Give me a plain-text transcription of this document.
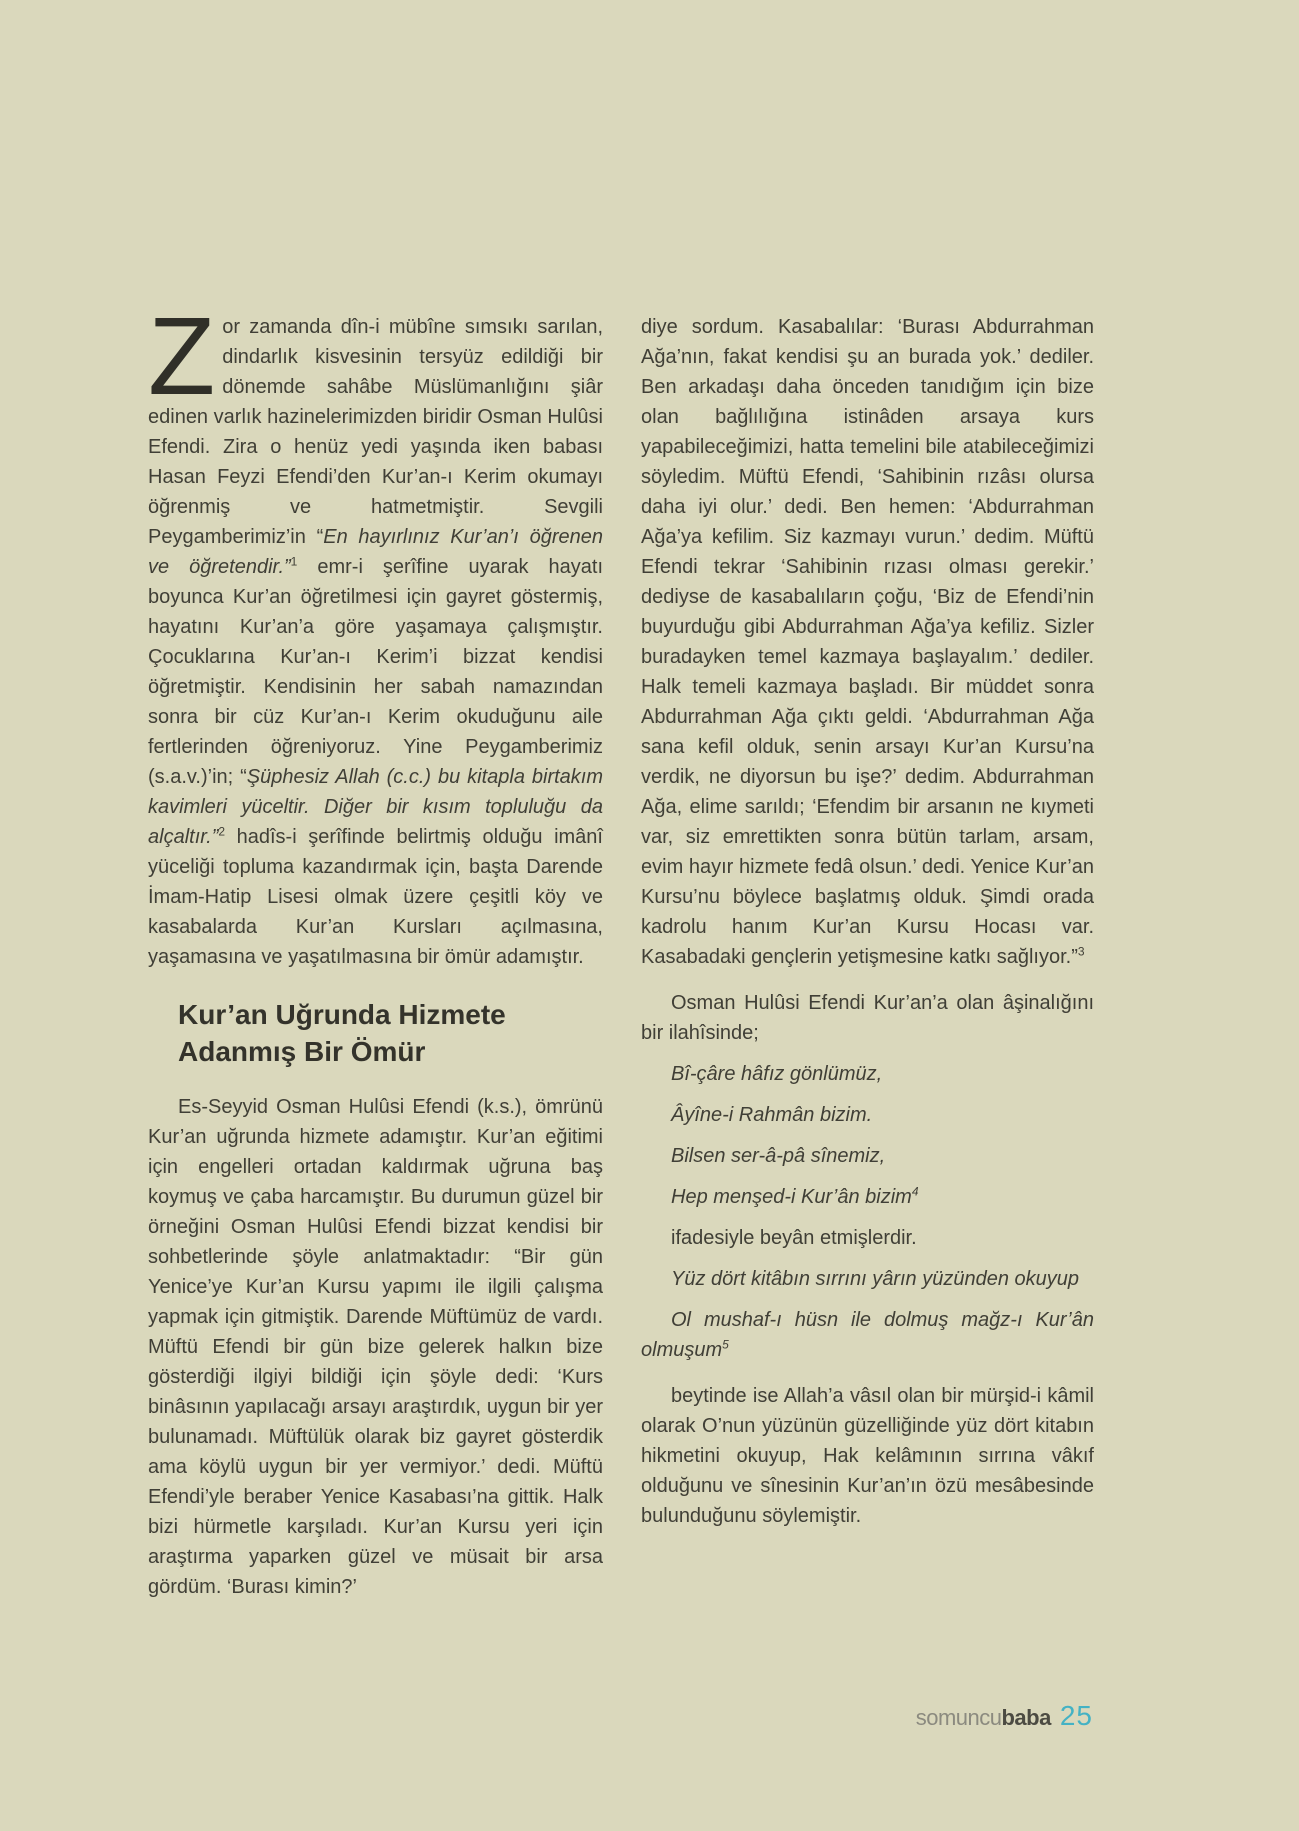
Zor zamanda dîn-i mübîne sımsıkı sarılan, dindarlık kisvesinin tersyüz edildiği bir dönemde sahâbe Müslümanlığını şiâr edinen varlık hazinelerimizden biridir Osman Hulûsi Efendi. Zira o henüz yedi yaşında iken babası Hasan Feyzi Efendi’den Kur’an-ı Kerim okumayı öğrenmiş ve hatmetmiştir. Sevgili Peygamberimiz’in “En hayırlınız Kur’an’ı öğrenen ve öğretendir.”$^1$ emr-i şerîfine uyarak hayatı boyunca Kur’an öğretilmesi için gayret göstermiş, hayatını Kur’an’a göre yaşamaya çalışmıştır. Çocuklarına Kur’an-ı Kerim’i bizzat kendisi öğretmiştir. Kendisinin her sabah namazından sonra bir cüz Kur’an-ı Kerim okuduğunu aile fertlerinden öğreniyoruz. Yine Peygamberimiz (s.a.v.)’in; “Şüphesiz Allah (c.c.) bu kitapla birtakım kavimleri yüceltir. Diğer bir kısım topluluğu da alçaltır.”$^2$ hadîs-i şerîfinde belirtmiş olduğu imânî yüceliği topluma kazandırmak için, başta Darende İmam-Hatip Lisesi olmak üzere çeşitli köy ve kasabalarda Kur’an Kursları açılmasına, yaşamasına ve yaşatılmasına bir ömür adamıştır.

Kur’an Uğrunda Hizmete Adanmış Bir Ömür

Es-Seyyid Osman Hulûsi Efendi (k.s.), ömrünü Kur’an uğrunda hizmete adamıştır. Kur’an eğitimi için engelleri ortadan kaldırmak uğruna baş koymuş ve çaba harcamıştır. Bu durumun güzel bir örneğini Osman Hulûsi Efendi bizzat kendisi bir sohbetlerinde şöyle anlatmaktadır: “Bir gün Yenice’ye Kur’an Kursu yapımı ile ilgili çalışma yapmak için gitmiştik. Darende Müftümüz de vardı. Müftü Efendi bir gün bize gelerek halkın bize gösterdiği ilgiyi bildiği için şöyle dedi: ‘Kurs binâsının yapılacağı arsayı araştırdık, uygun bir yer bulunamadı. Müftülük olarak biz gayret gösterdik ama köylü uygun bir yer vermiyor.’ dedi. Müftü Efendi’yle beraber Yenice Kasabası’na gittik. Halk bizi hürmetle karşıladı. Kur’an Kursu yeri için araştırma yaparken güzel ve müsait bir arsa gördüm. ‘Burası kimin?’

diye sordum. Kasabalılar: ‘Burası Abdurrahman Ağa’nın, fakat kendisi şu an burada yok.’ dediler. Ben arkadaşı daha önceden tanıdığım için bize olan bağlılığına istinâden arsaya kurs yapabileceğimizi, hatta temelini bile atabileceğimizi söyledim. Müftü Efendi, ‘Sahibinin rızâsı olursa daha iyi olur.’ dedi. Ben hemen: ‘Abdurrahman Ağa’ya kefilim. Siz kazmayı vurun.’ dedim. Müftü Efendi tekrar ‘Sahibinin rızası olması gerekir.’ dediyse de kasabalıların çoğu, ‘Biz de Efendi’nin buyurduğu gibi Abdurrahman Ağa’ya kefiliz. Sizler buradayken temel kazmaya başlayalım.’ dediler. Halk temeli kazmaya başladı. Bir müddet sonra Abdurrahman Ağa çıktı geldi. ‘Abdurrahman Ağa sana kefil olduk, senin arsayı Kur’an Kursu’na verdik, ne diyorsun bu işe?’ dedim. Abdurrahman Ağa, elime sarıldı; ‘Efendim bir arsanın ne kıymeti var, siz emrettikten sonra bütün tarlam, arsam, evim hayır hizmete fedâ olsun.’ dedi. Yenice Kur’an Kursu’nu böylece başlatmış olduk. Şimdi orada kadrolu hanım Kur’an Kursu Hocası var. Kasabadaki gençlerin yetişmesine katkı sağlıyor.”$^3$

Osman Hulûsi Efendi Kur’an’a olan âşinalığını bir ilahîsinde;

Bî-çâre hâfız gönlümüz,

Âyîne-i Rahmân bizim.

Bilsen ser-â-pâ sînemiz,

Hep menşed-i Kur’ân bizim$^4$

ifadesiyle beyân etmişlerdir.

Yüz dört kitâbın sırrını yârın yüzünden okuyup

Ol mushaf-ı hüsn ile dolmuş mağz-ı Kur’ân olmuşum$^5$

beytinde ise Allah’a vâsıl olan bir mürşid-i kâmil olarak O’nun yüzünün güzelliğinde yüz dört kitabın hikmetini okuyup, Hak kelâmının sırrına vâkıf olduğunu ve sînesinin Kur’an’ın özü mesâbesinde bulunduğunu söylemiştir.

somuncu baba 25
